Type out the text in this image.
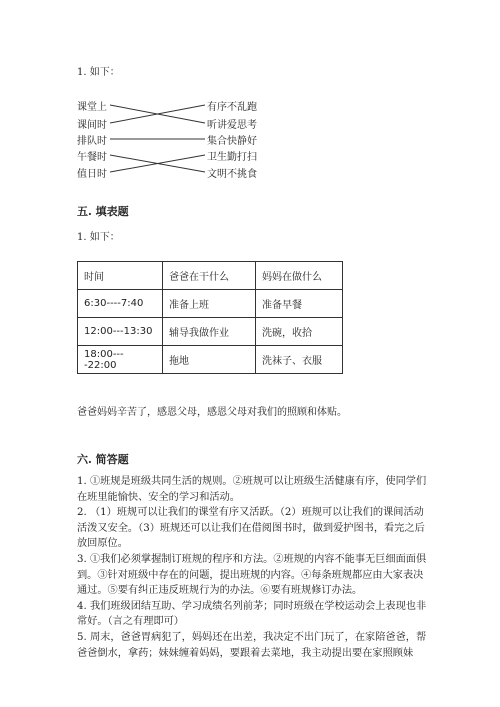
1. 如下：
课堂上
课间时
排队时
午餐时
值日时
有序不乱跑
听讲爱思考
集合快静好
卫生勤打扫
文明不挑食
五. 填表题
1. 如下：
时间	爸爸在干什么	妈妈在做什么
6:30----7:40	准备上班	准备早餐
12:00---13:30	辅导我做作业	洗碗，收拾
18:00----22:00	拖地	洗袜子、衣服
爸爸妈妈辛苦了，感恩父母，感恩父母对我们的照顾和体贴。
六. 简答题

1. ①班规是班级共同生活的规则。②班规可以让班级生活健康有序，使同学们

在班里能愉快、安全的学习和活动。

2. （1）班规可以让我们的课堂有序又活跃。（2）班规可以让我们的课间活动

活泼又安全。（3）班规还可以让我们在借阅图书时，做到爱护图书，看完之后

放回原位。

3. ①我们必须掌握制订班规的程序和方法。②班规的内容不能事无巨细面面俱

到。③针对班级中存在的问题，提出班规的内容。④每条班规都应由大家表决

通过。⑤要有纠正违反班规行为的办法。⑥要有班规修订办法。

4. 我们班级团结互助、学习成绩名列前茅；同时班级在学校运动会上表现也非

常好。（言之有理即可）

5. 周末，爸爸胃病犯了，妈妈还在出差，我决定不出门玩了，在家陪爸爸，帮

爸爸倒水，拿药；妹妹缠着妈妈，要跟着去菜地，我主动提出要在家照顾妹
